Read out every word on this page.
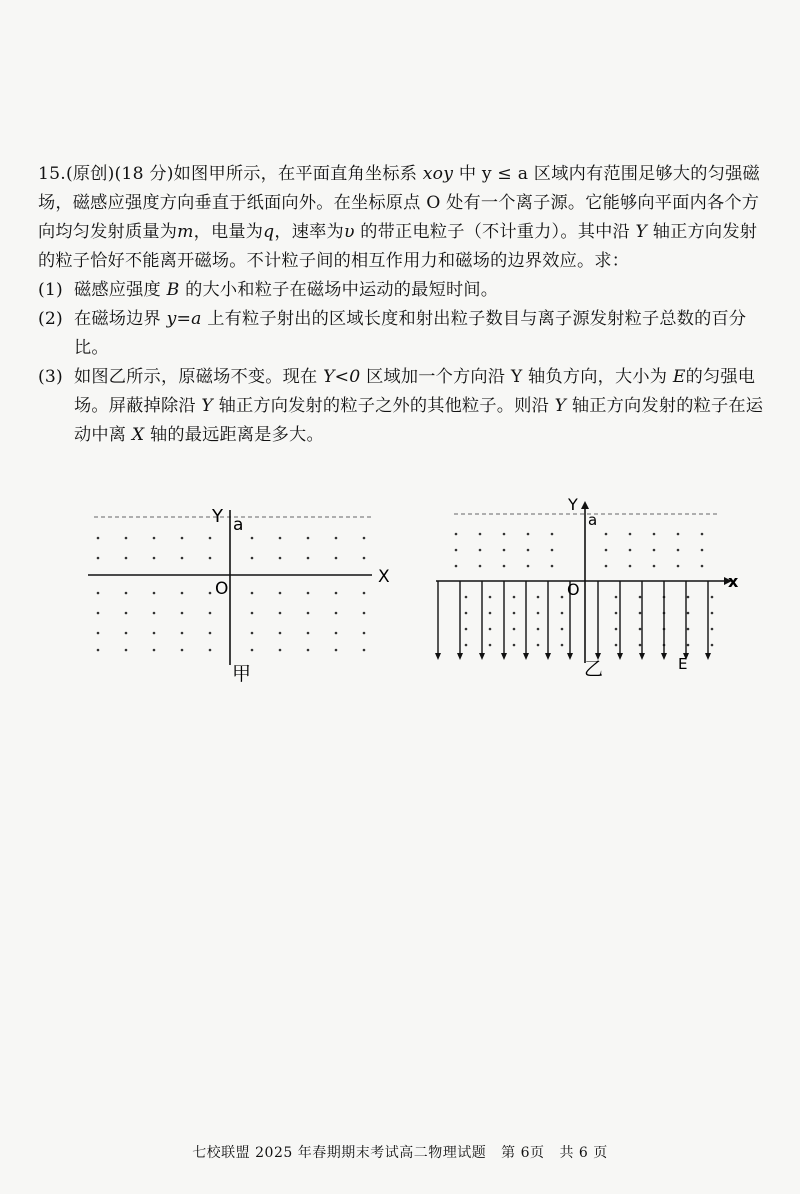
15.(原创)(18 分)如图甲所示，在平面直角坐标系 xoy 中 y ≤ a 区域内有范围足够大的匀强磁场，磁感应强度方向垂直于纸面向外。在坐标原点 O 处有一个离子源。它能够向平面内各个方向均匀发射质量为m，电量为q，速率为υ 的带正电粒子（不计重力）。其中沿 Y 轴正方向发射的粒子恰好不能离开磁场。不计粒子间的相互作用力和磁场的边界效应。求：

(1) 磁感应强度 B 的大小和粒子在磁场中运动的最短时间。
(2) 在磁场边界 y=a 上有粒子射出的区域长度和射出粒子数目与离子源发射粒子总数的百分比。
(3) 如图乙所示，原磁场不变。现在 Y<0 区域加一个方向沿 Y 轴负方向，大小为 E的匀强电场。屏蔽掉除沿 Y 轴正方向发射的粒子之外的其他粒子。则沿 Y 轴正方向发射的粒子在运动中离 X 轴的最远距离是多大。
Y a
X
O
甲
Y
a
x
O
E
乙
七校联盟 2025 年春期期末考试高二物理试题 第 6页 共 6 页
